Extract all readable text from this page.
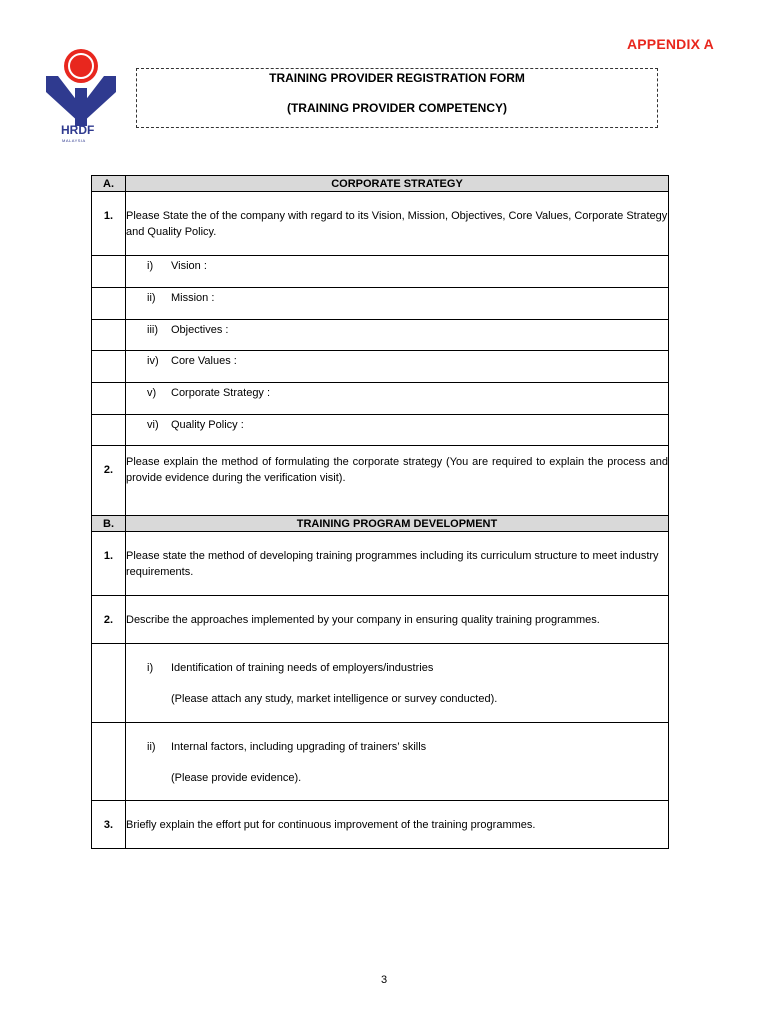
APPENDIX A
HRDF
MALAYSIA
TRAINING PROVIDER REGISTRATION FORM
(TRAINING PROVIDER COMPETENCY)
A.	CORPORATE STRATEGY

1.	Please State the of the company with regard to its Vision, Mission, Objectives, Core Values, Corporate Strategy and Quality Policy.

	i) Vision :

	ii) Mission :

	iii) Objectives :

	iv) Core Values :

	v) Corporate Strategy :

	vi) Quality Policy :

2.	Please explain the method of formulating the corporate strategy (You are required to explain the process and provide evidence during the verification visit).

B.	TRAINING PROGRAM DEVELOPMENT

1.	Please state the method of developing training programmes including its curriculum structure to meet industry requirements.

2.	Describe the approaches implemented by your company in ensuring quality training programmes.

	i) Identification of training needs of employers/industries
(Please attach any study, market intelligence or survey conducted).

	ii) Internal factors, including upgrading of trainers’ skills
(Please provide evidence).

3.	Briefly explain the effort put for continuous improvement of the training programmes.
3
